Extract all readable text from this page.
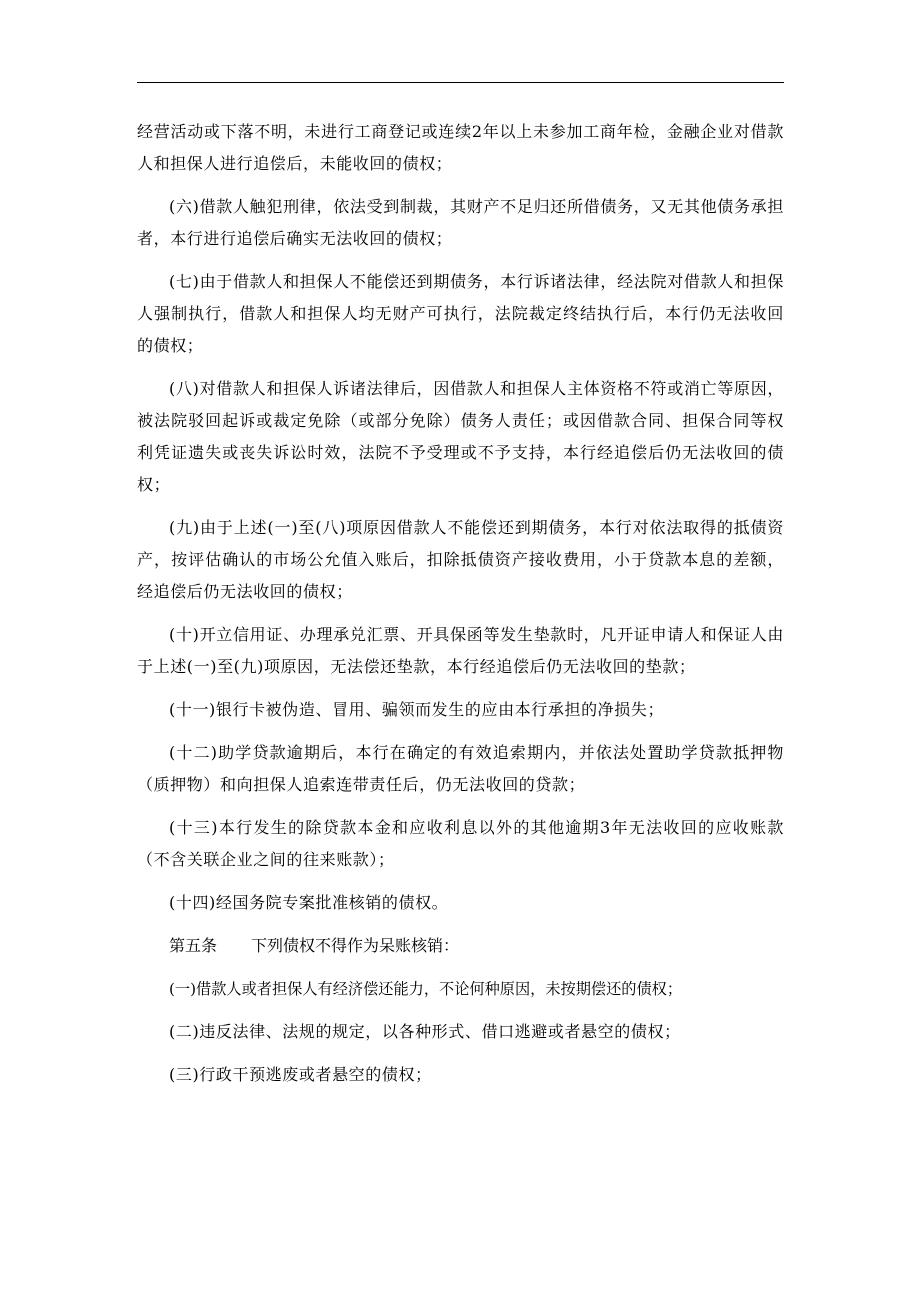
经营活动或下落不明，未进行工商登记或连续2年以上未参加工商年检，金融企业对借款人和担保人进行追偿后，未能收回的债权；

(六)借款人触犯刑律，依法受到制裁，其财产不足归还所借债务，又无其他债务承担者，本行进行追偿后确实无法收回的债权；

(七)由于借款人和担保人不能偿还到期债务，本行诉诸法律，经法院对借款人和担保人强制执行，借款人和担保人均无财产可执行，法院裁定终结执行后，本行仍无法收回的债权；

(八)对借款人和担保人诉诸法律后，因借款人和担保人主体资格不符或消亡等原因，被法院驳回起诉或裁定免除（或部分免除）债务人责任；或因借款合同、担保合同等权利凭证遗失或丧失诉讼时效，法院不予受理或不予支持，本行经追偿后仍无法收回的债权；

(九)由于上述(一)至(八)项原因借款人不能偿还到期债务，本行对依法取得的抵债资产，按评估确认的市场公允值入账后，扣除抵债资产接收费用，小于贷款本息的差额，经追偿后仍无法收回的债权；

(十)开立信用证、办理承兑汇票、开具保函等发生垫款时，凡开证申请人和保证人由于上述(一)至(九)项原因，无法偿还垫款，本行经追偿后仍无法收回的垫款；

(十一)银行卡被伪造、冒用、骗领而发生的应由本行承担的净损失；

(十二)助学贷款逾期后，本行在确定的有效追索期内，并依法处置助学贷款抵押物（质押物）和向担保人追索连带责任后，仍无法收回的贷款；

(十三)本行发生的除贷款本金和应收利息以外的其他逾期3年无法收回的应收账款（不含关联企业之间的往来账款）；

(十四)经国务院专案批准核销的债权。

第五条 下列债权不得作为呆账核销：

(一)借款人或者担保人有经济偿还能力，不论何种原因，未按期偿还的债权；

(二)违反法律、法规的规定，以各种形式、借口逃避或者悬空的债权；

(三)行政干预逃废或者悬空的债权；
